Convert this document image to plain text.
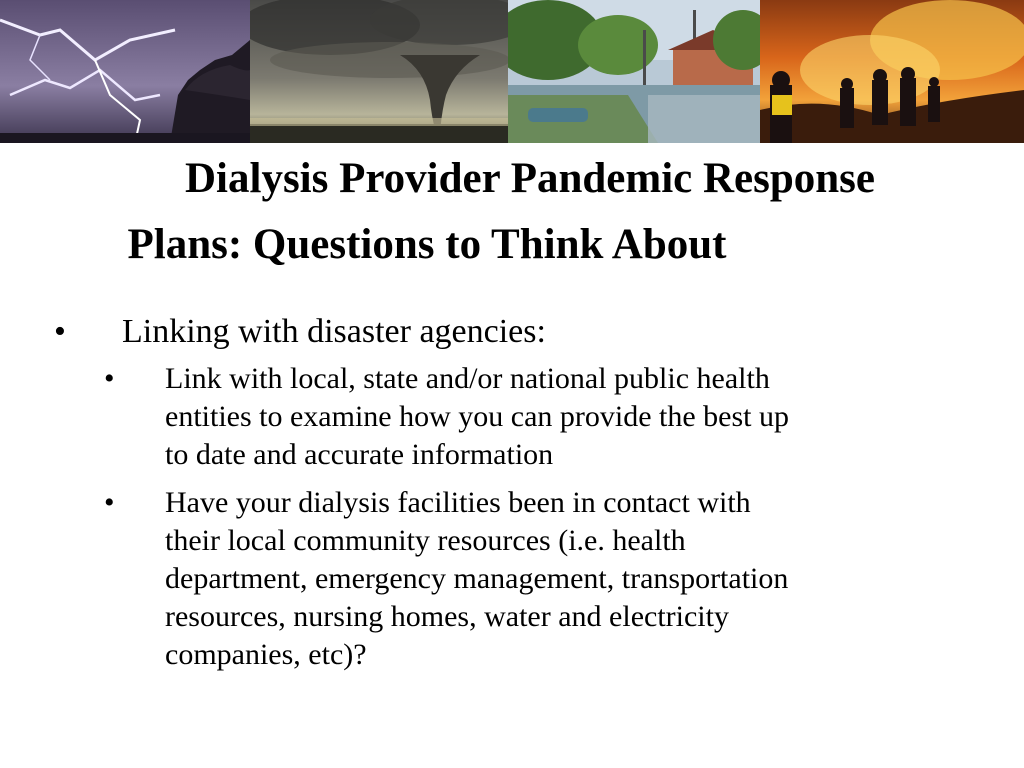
Dialysis Provider Pandemic Response
Plans: Questions to Think About
• Linking with disaster agencies:
• Link with local, state and/or national public health
entities to examine how you can provide the best up
to date and accurate information
• Have your dialysis facilities been in contact with
their local community resources (i.e. health
department, emergency management, transportation
resources, nursing homes, water and electricity
companies, etc)?
